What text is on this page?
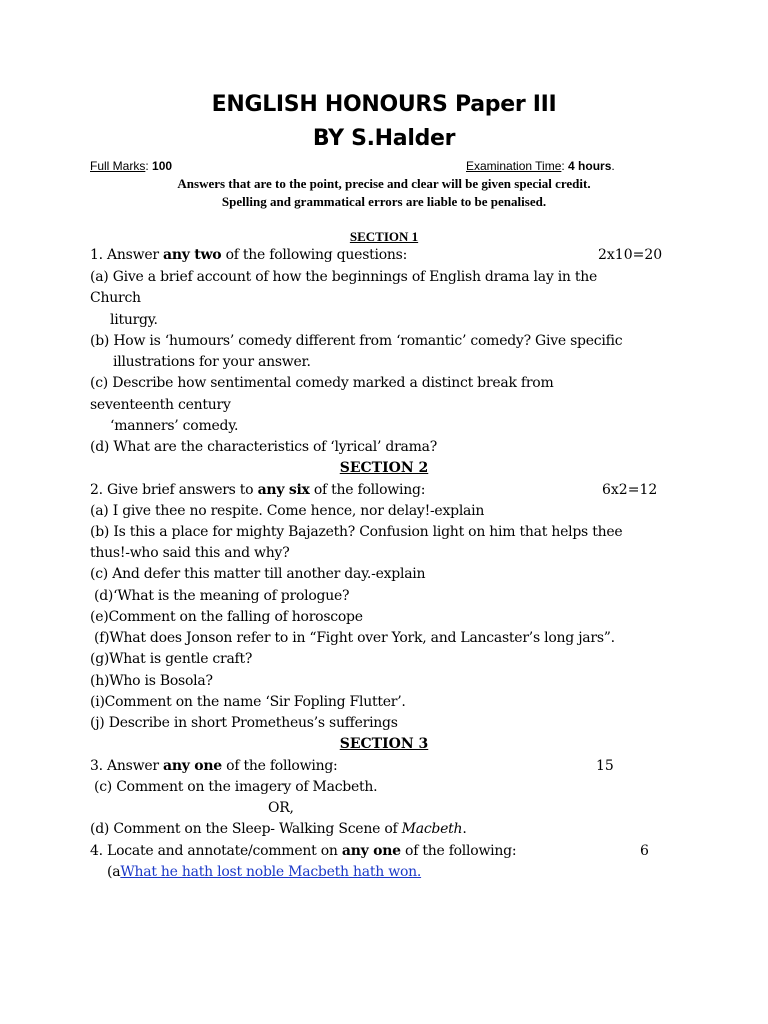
ENGLISH HONOURS Paper III
BY S.Halder
Full Marks: 100	Examination Time: 4 hours.
Answers that are to the point, precise and clear will be given special credit.
Spelling and grammatical errors are liable to be penalised.
SECTION 1
1. Answer any two of the following questions:	2x10=20
(a) Give a brief account of how the beginnings of English drama lay in the
Church
liturgy.
(b) How is ‘humours’ comedy different from ‘romantic’ comedy? Give specific
illustrations for your answer.
(c) Describe how sentimental comedy marked a distinct break from
seventeenth century
‘manners’ comedy.
(d) What are the characteristics of ‘lyrical’ drama?
SECTION 2
2. Give brief answers to any six of the following:	6x2=12
(a) I give thee no respite. Come hence, nor delay!-explain
(b) Is this a place for mighty Bajazeth? Confusion light on him that helps thee
thus!-who said this and why?
(c) And defer this matter till another day.-explain
(d)‘What is the meaning of prologue?
(e)Comment on the falling of horoscope
(f)What does Jonson refer to in “Fight over York, and Lancaster’s long jars”.
(g)What is gentle craft?
(h)Who is Bosola?
(i)Comment on the name ‘Sir Fopling Flutter’.
(j) Describe in short Prometheus’s sufferings
SECTION 3
3. Answer any one of the following:	15
(c) Comment on the imagery of Macbeth.
OR,
(d) Comment on the Sleep- Walking Scene of Macbeth.
4. Locate and annotate/comment on any one of the following:	6
(aWhat he hath lost noble Macbeth hath won.
